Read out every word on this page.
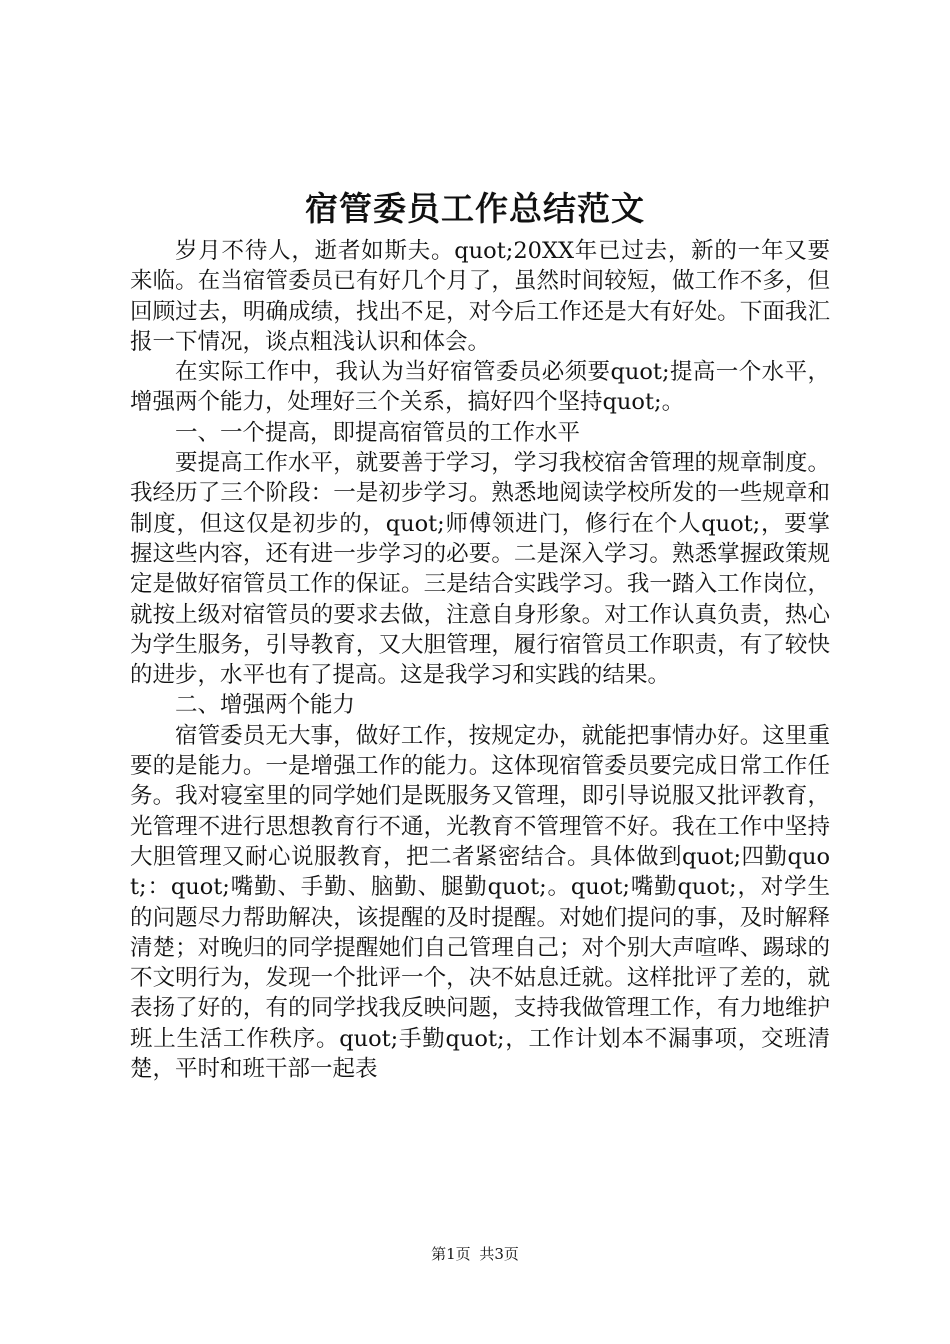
宿管委员工作总结范文

岁月不待人，逝者如斯夫。quot;20XX年已过去，新的一年又要来临。在当宿管委员已有好几个月了，虽然时间较短，做工作不多，但回顾过去，明确成绩，找出不足，对今后工作还是大有好处。下面我汇报一下情况，谈点粗浅认识和体会。

在实际工作中，我认为当好宿管委员必须要quot;提高一个水平，增强两个能力，处理好三个关系，搞好四个坚持quot;。

一、一个提高，即提高宿管员的工作水平

要提高工作水平，就要善于学习，学习我校宿舍管理的规章制度。我经历了三个阶段：一是初步学习。熟悉地阅读学校所发的一些规章和制度，但这仅是初步的，quot;师傅领进门，修行在个人quot;，要掌握这些内容，还有进一步学习的必要。二是深入学习。熟悉掌握政策规定是做好宿管员工作的保证。三是结合实践学习。我一踏入工作岗位，就按上级对宿管员的要求去做，注意自身形象。对工作认真负责，热心为学生服务，引导教育，又大胆管理，履行宿管员工作职责，有了较快的进步，水平也有了提高。这是我学习和实践的结果。

二、增强两个能力

宿管委员无大事，做好工作，按规定办，就能把事情办好。这里重要的是能力。一是增强工作的能力。这体现宿管委员要完成日常工作任务。我对寝室里的同学她们是既服务又管理，即引导说服又批评教育，光管理不进行思想教育行不通，光教育不管理管不好。我在工作中坚持大胆管理又耐心说服教育，把二者紧密结合。具体做到quot;四勤quot;：quot;嘴勤、手勤、脑勤、腿勤quot;。quot;嘴勤quot;，对学生的问题尽力帮助解决，该提醒的及时提醒。对她们提问的事，及时解释清楚；对晚归的同学提醒她们自己管理自己；对个别大声喧哗、踢球的不文明行为，发现一个批评一个，决不姑息迁就。这样批评了差的，就表扬了好的，有的同学找我反映问题，支持我做管理工作，有力地维护班上生活工作秩序。quot;手勤quot;，工作计划本不漏事项，交班清楚，平时和班干部一起表

第1页 共3页
